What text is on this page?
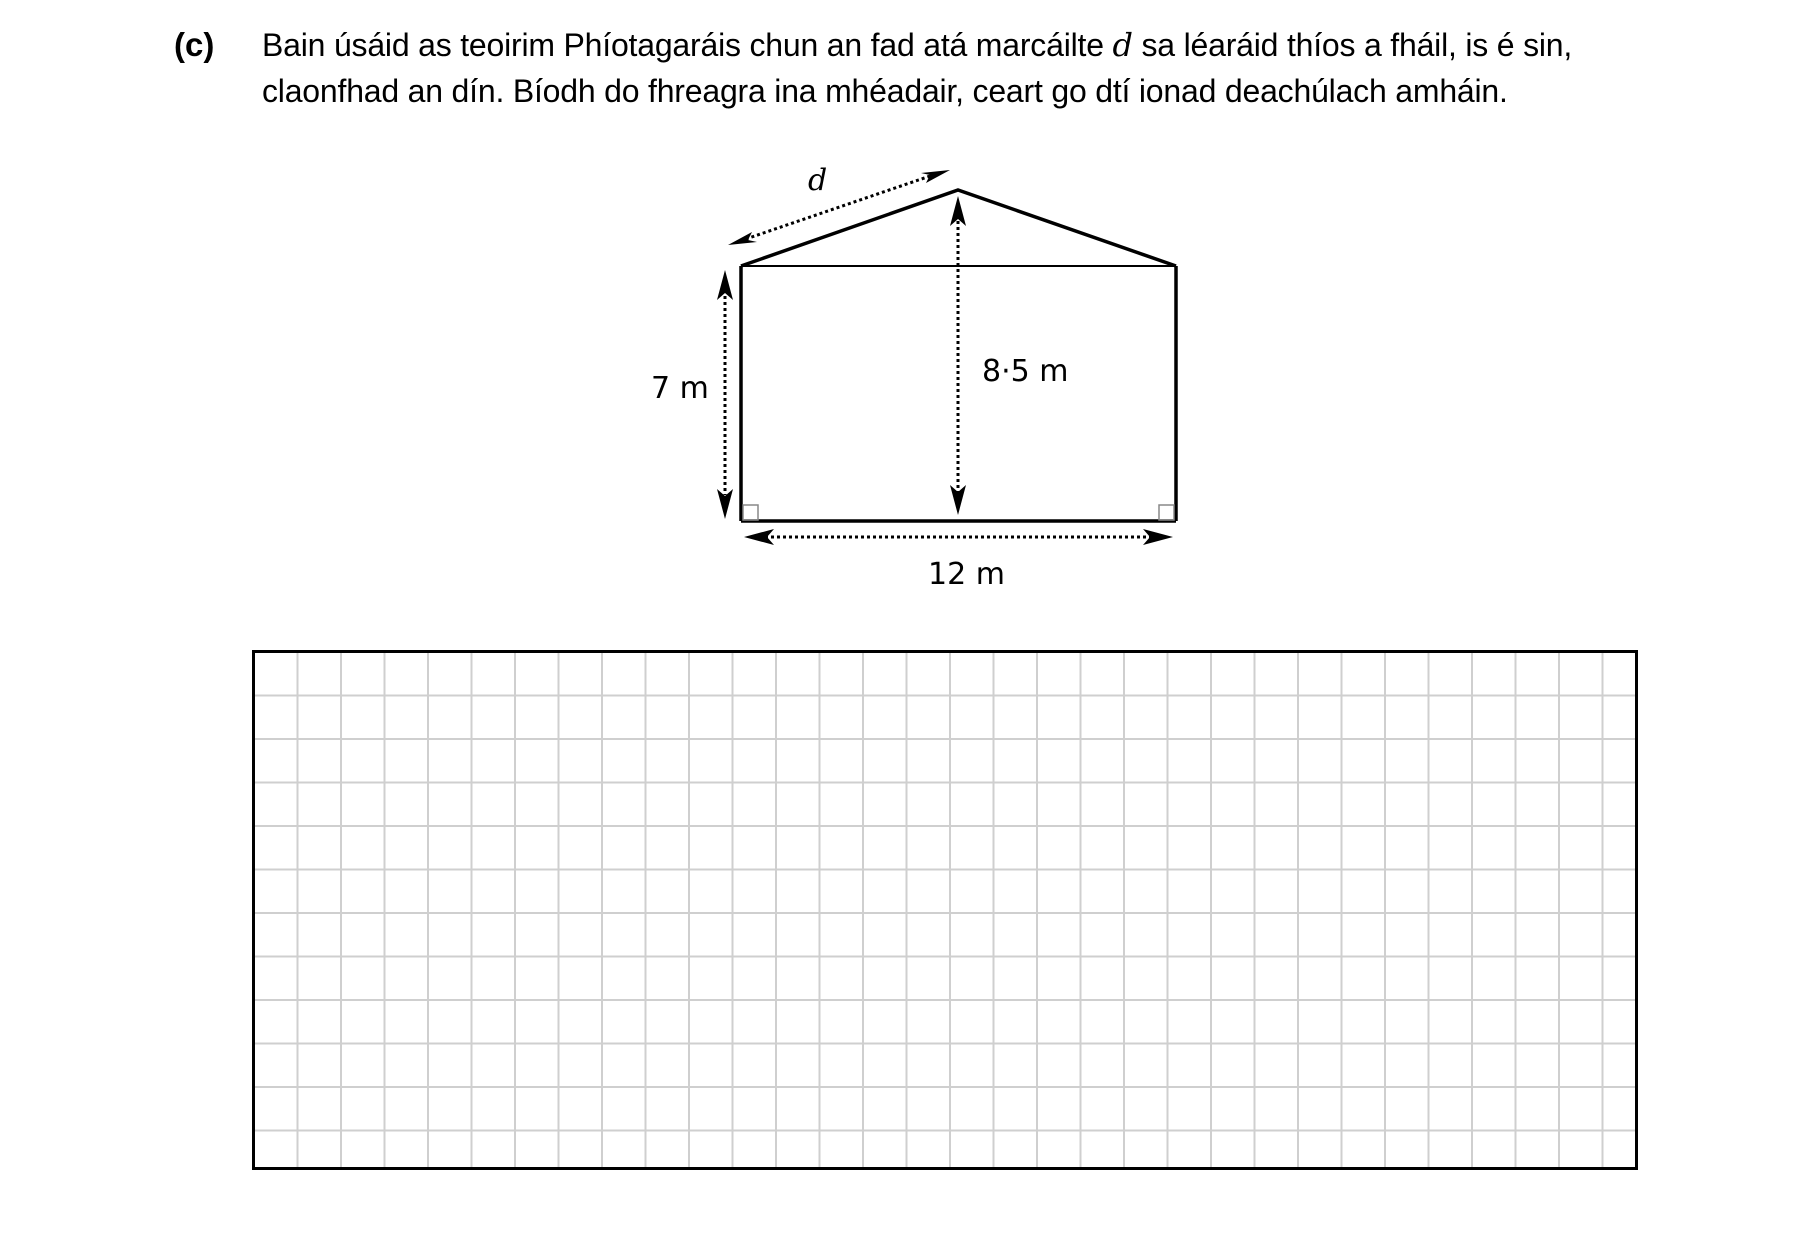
(c) Bain úsáid as teoirim Phíotagaráis chun an fad atá marcáilte d sa léaráid thíos a fháil, is é sin,
claonfhad an dín. Bíodh do fhreagra ina mhéadair, ceart go dtí ionad deachúlach amháin.
d
7 m	8·5 m
12 m
